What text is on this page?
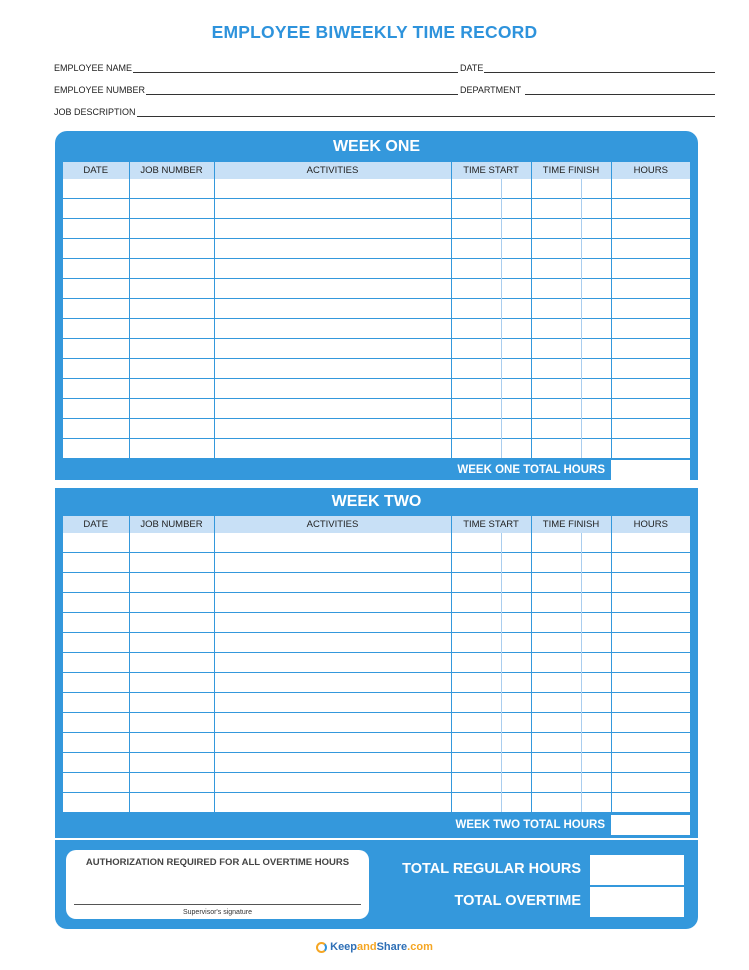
EMPLOYEE BIWEEKLY TIME RECORD
EMPLOYEE NAME	DATE
EMPLOYEE NUMBER	DEPARTMENT
JOB DESCRIPTION
WEEK ONE
DATE	JOB NUMBER	ACTIVITIES	TIME START		TIME FINISH		HOURS

WEEK ONE TOTAL HOURS
WEEK TWO
DATE	JOB NUMBER	ACTIVITIES	TIME START		TIME FINISH		HOURS

WEEK TWO TOTAL HOURS
AUTHORIZATION REQUIRED FOR ALL OVERTIME HOURS
Supervisor's signature
TOTAL REGULAR HOURS
TOTAL OVERTIME
Keep and Share .com
